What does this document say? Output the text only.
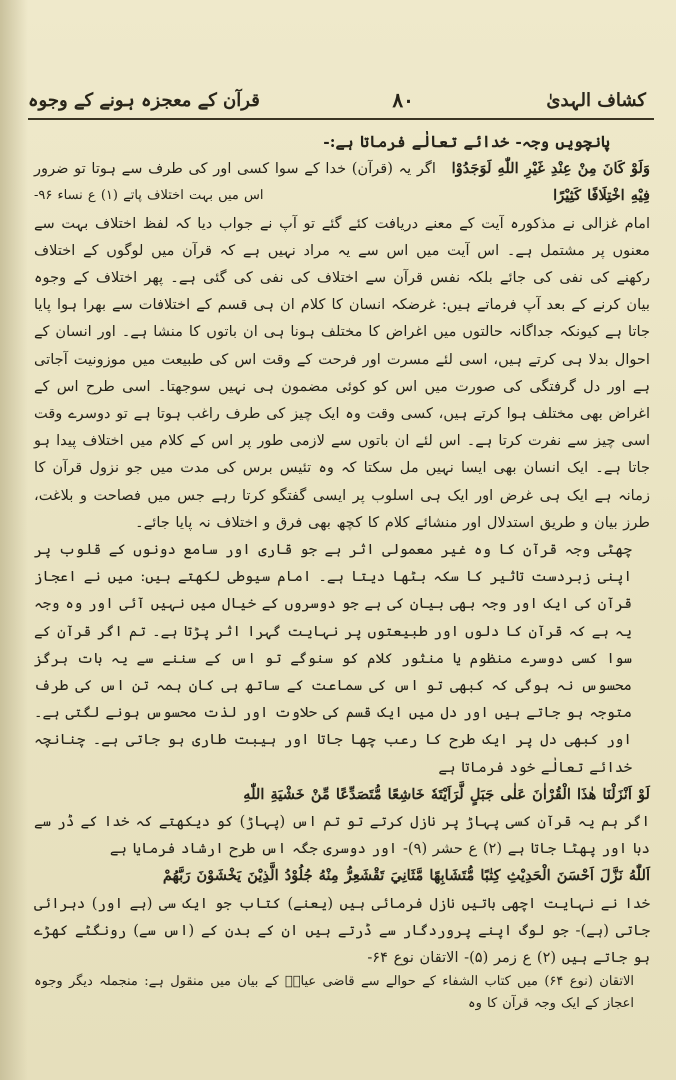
قرآن کے معجزہ ہونے کے وجوہ	۸۰	کشاف الہدیٰ

پانچویں وجہ- خدائے تعالٰے فرماتا ہے:-

وَلَوْ كَانَ مِنْ عِنْدِ غَيْرِ اللّٰهِ لَوَجَدُوْا
اگر یہ (قرآن) خدا کے سوا کسی اور کی طرف سے ہوتا تو ضرور
فِيْهِ اخْتِلَافًا كَثِيْرًا
اس میں بہت اختلاف پاتے (۱) ع نساء ۹۶-

امام غزالی نے مذکورہ آیت کے معنے دریافت کئے گئے تو آپ نے جواب دیا کہ لفظ اختلاف بہت سے معنوں پر مشتمل ہے۔ اس آیت میں اس سے یہ مراد نہیں ہے کہ قرآن میں لوگوں کے اختلاف رکھنے کی نفی کی جائے بلکہ نفس قرآن سے اختلاف کی نفی کی گئی ہے۔ پھر اختلاف کے وجوہ بیان کرنے کے بعد آپ فرماتے ہیں: غرضکہ انسان کا کلام ان ہی قسم کے اختلافات سے بھرا ہوا پایا جاتا ہے کیونکہ جداگانہ حالتوں میں اغراض کا مختلف ہونا ہی ان باتوں کا منشا ہے۔ اور انسان کے احوال بدلا ہی کرتے ہیں، اسی لئے مسرت اور فرحت کے وقت اس کی طبیعت میں موزونیت آجاتی ہے اور دل گرفتگی کی صورت میں اس کو کوئی مضمون ہی نہیں سوجھتا۔ اسی طرح اس کے اغراض بھی مختلف ہوا کرتے ہیں، کسی وقت وہ ایک چیز کی طرف راغب ہوتا ہے تو دوسرے وقت اسی چیز سے نفرت کرتا ہے۔ اس لئے ان باتوں سے لازمی طور پر اس کے کلام میں اختلاف پیدا ہو جاتا ہے۔ ایک انسان بھی ایسا نہیں مل سکتا کہ وہ تئیس برس کی مدت میں جو نزول قرآن کا زمانہ ہے ایک ہی غرض اور ایک ہی اسلوب پر ایسی گفتگو کرتا رہے جس میں فصاحت و بلاغت، طرز بیان و طریق استدلال اور منشائے کلام کا کچھ بھی فرق و اختلاف نہ پایا جائے۔

چھٹی وجہ قرآن کا وہ غیر معمولی اثر ہے جو قاری اور سامع دونوں کے قلوب پر اپنی زبردست تاثیر کا سکہ بٹھا دیتا ہے۔ امام سیوطی لکھتے ہیں: میں نے اعجاز قرآن کی ایک اور وجہ بھی بیان کی ہے جو دوسروں کے خیال میں نہیں آئی اور وہ وجہ یہ ہے کہ قرآن کا دلوں اور طبیعتوں پر نہایت گہرا اثر پڑتا ہے۔ تم اگر قرآن کے سوا کسی دوسرے منظوم یا منثور کلام کو سنوگے تو اس کے سننے سے یہ بات ہرگز محسوس نہ ہوگی کہ کبھی تو اس کی سماعت کے ساتھ ہی کان ہمہ تن اس کی طرف متوجہ ہو جاتے ہیں اور دل میں ایک قسم کی حلاوت اور لذت محسوس ہونے لگتی ہے۔ اور کبھی دل پر ایک طرح کا رعب چھا جاتا اور ہیبت طاری ہو جاتی ہے۔ چنانچہ خدائے تعالٰے خود فرماتا ہے

لَوْ اَنْزَلْنَا هٰذَا الْقُرْاٰنَ عَلٰى جَبَلٍ لَّرَاَيْتَهٗ خَاشِعًا مُّتَصَدِّعًا مِّنْ خَشْيَةِ اللّٰهِ

اگر ہم یہ قرآن کسی پہاڑ پر نازل کرتے تو تم اس (پہاڑ) کو دیکھتے کہ خدا کے ڈر سے دبا اور پھٹا جاتا ہے (۲) ع حشر (۹)- اور دوسری جگہ اس طرح ارشاد فرمایا ہے

اَللّٰهُ نَزَّلَ اَحْسَنَ الْحَدِيْثِ كِتٰبًا مُّتَشَابِهًا مَّثَانِيَ تَقْشَعِرُّ مِنْهُ جُلُوْدُ الَّذِيْنَ يَخْشَوْنَ رَبَّهُمْ

خدا نے نہایت اچھی باتیں نازل فرمائی ہیں (یعنے) کتاب جو ایک سی (ہے اور) دہرائی جاتی (ہے)- جو لوگ اپنے پروردگار سے ڈرتے ہیں ان کے بدن کے (اس سے) رونگٹے کھڑے ہو جاتے ہیں (۲) ع زمر (۵)- الاتقان نوع ۶۴-

الاتقان (نوع ۶۴) میں کتاب الشفاء کے حوالے سے قاضی عیاضؒ کے بیان میں منقول ہے: منجملہ دیگر وجوہ اعجاز کے ایک وجہ قرآن کا وہ
